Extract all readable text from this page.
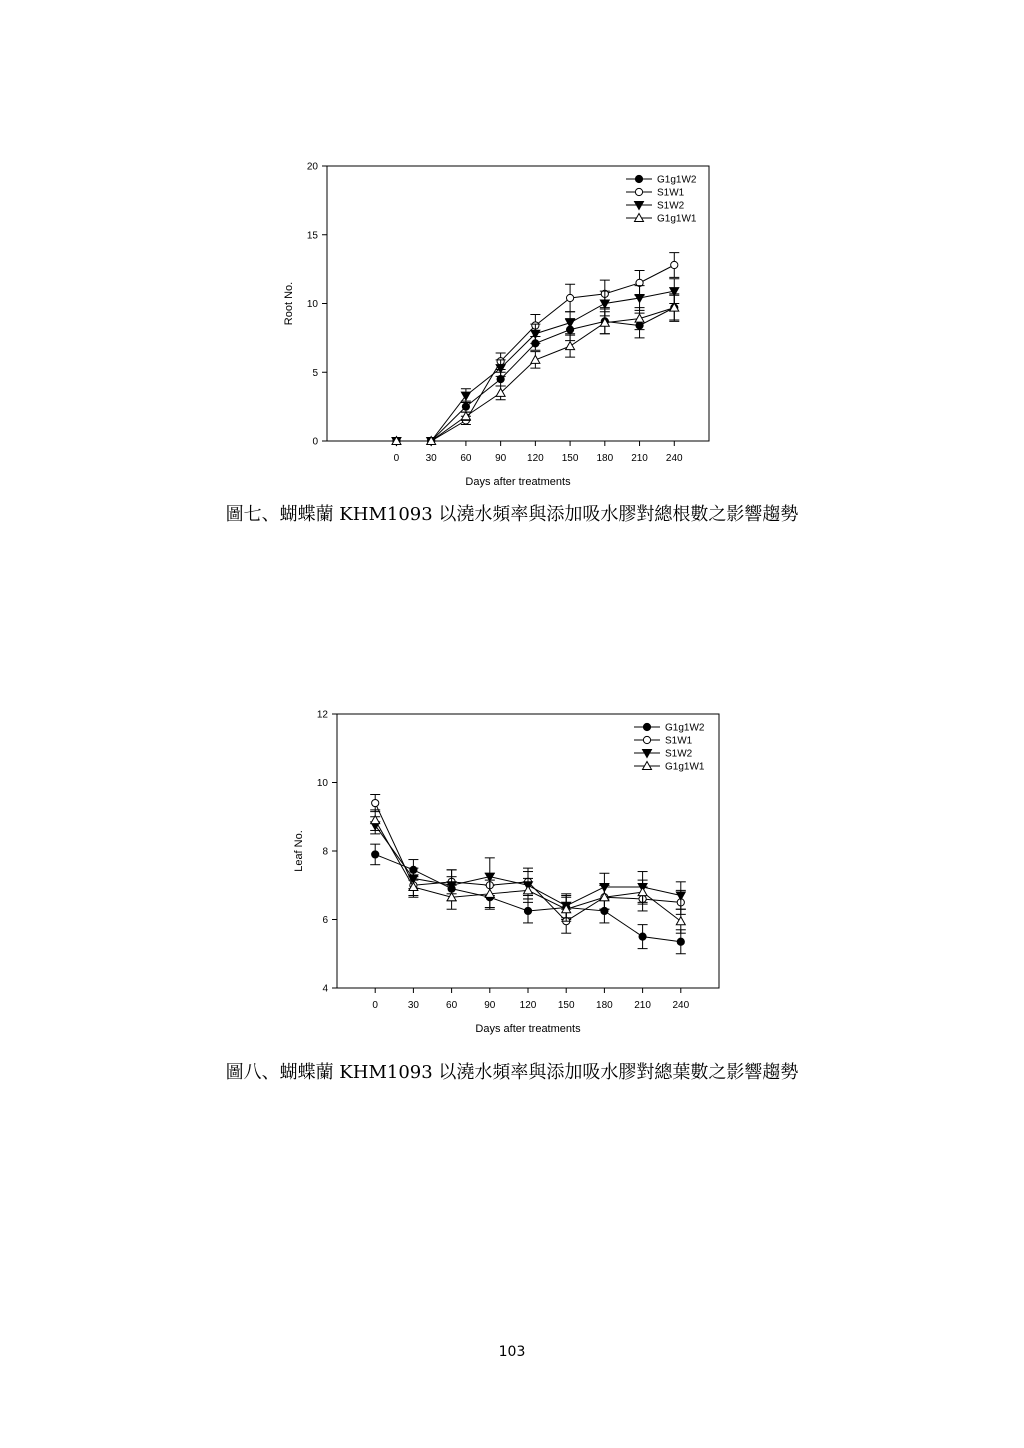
0
5
10
15
20
0	30 60 90 120 150 180 210 240
Days after treatments
Root No.
G1g1W2
S1W1
S1W2
G1g1W1
圖七、蝴蝶蘭 KHM1093 以澆水頻率與添加吸水膠對總根數之影響趨勢
4
6
8
10
12
0	30	60	90 120 150 180 210 240
Days after treatments
Leaf No.
G1g1W2
S1W1
S1W2
G1g1W1
圖八、蝴蝶蘭 KHM1093 以澆水頻率與添加吸水膠對總葉數之影響趨勢
103
